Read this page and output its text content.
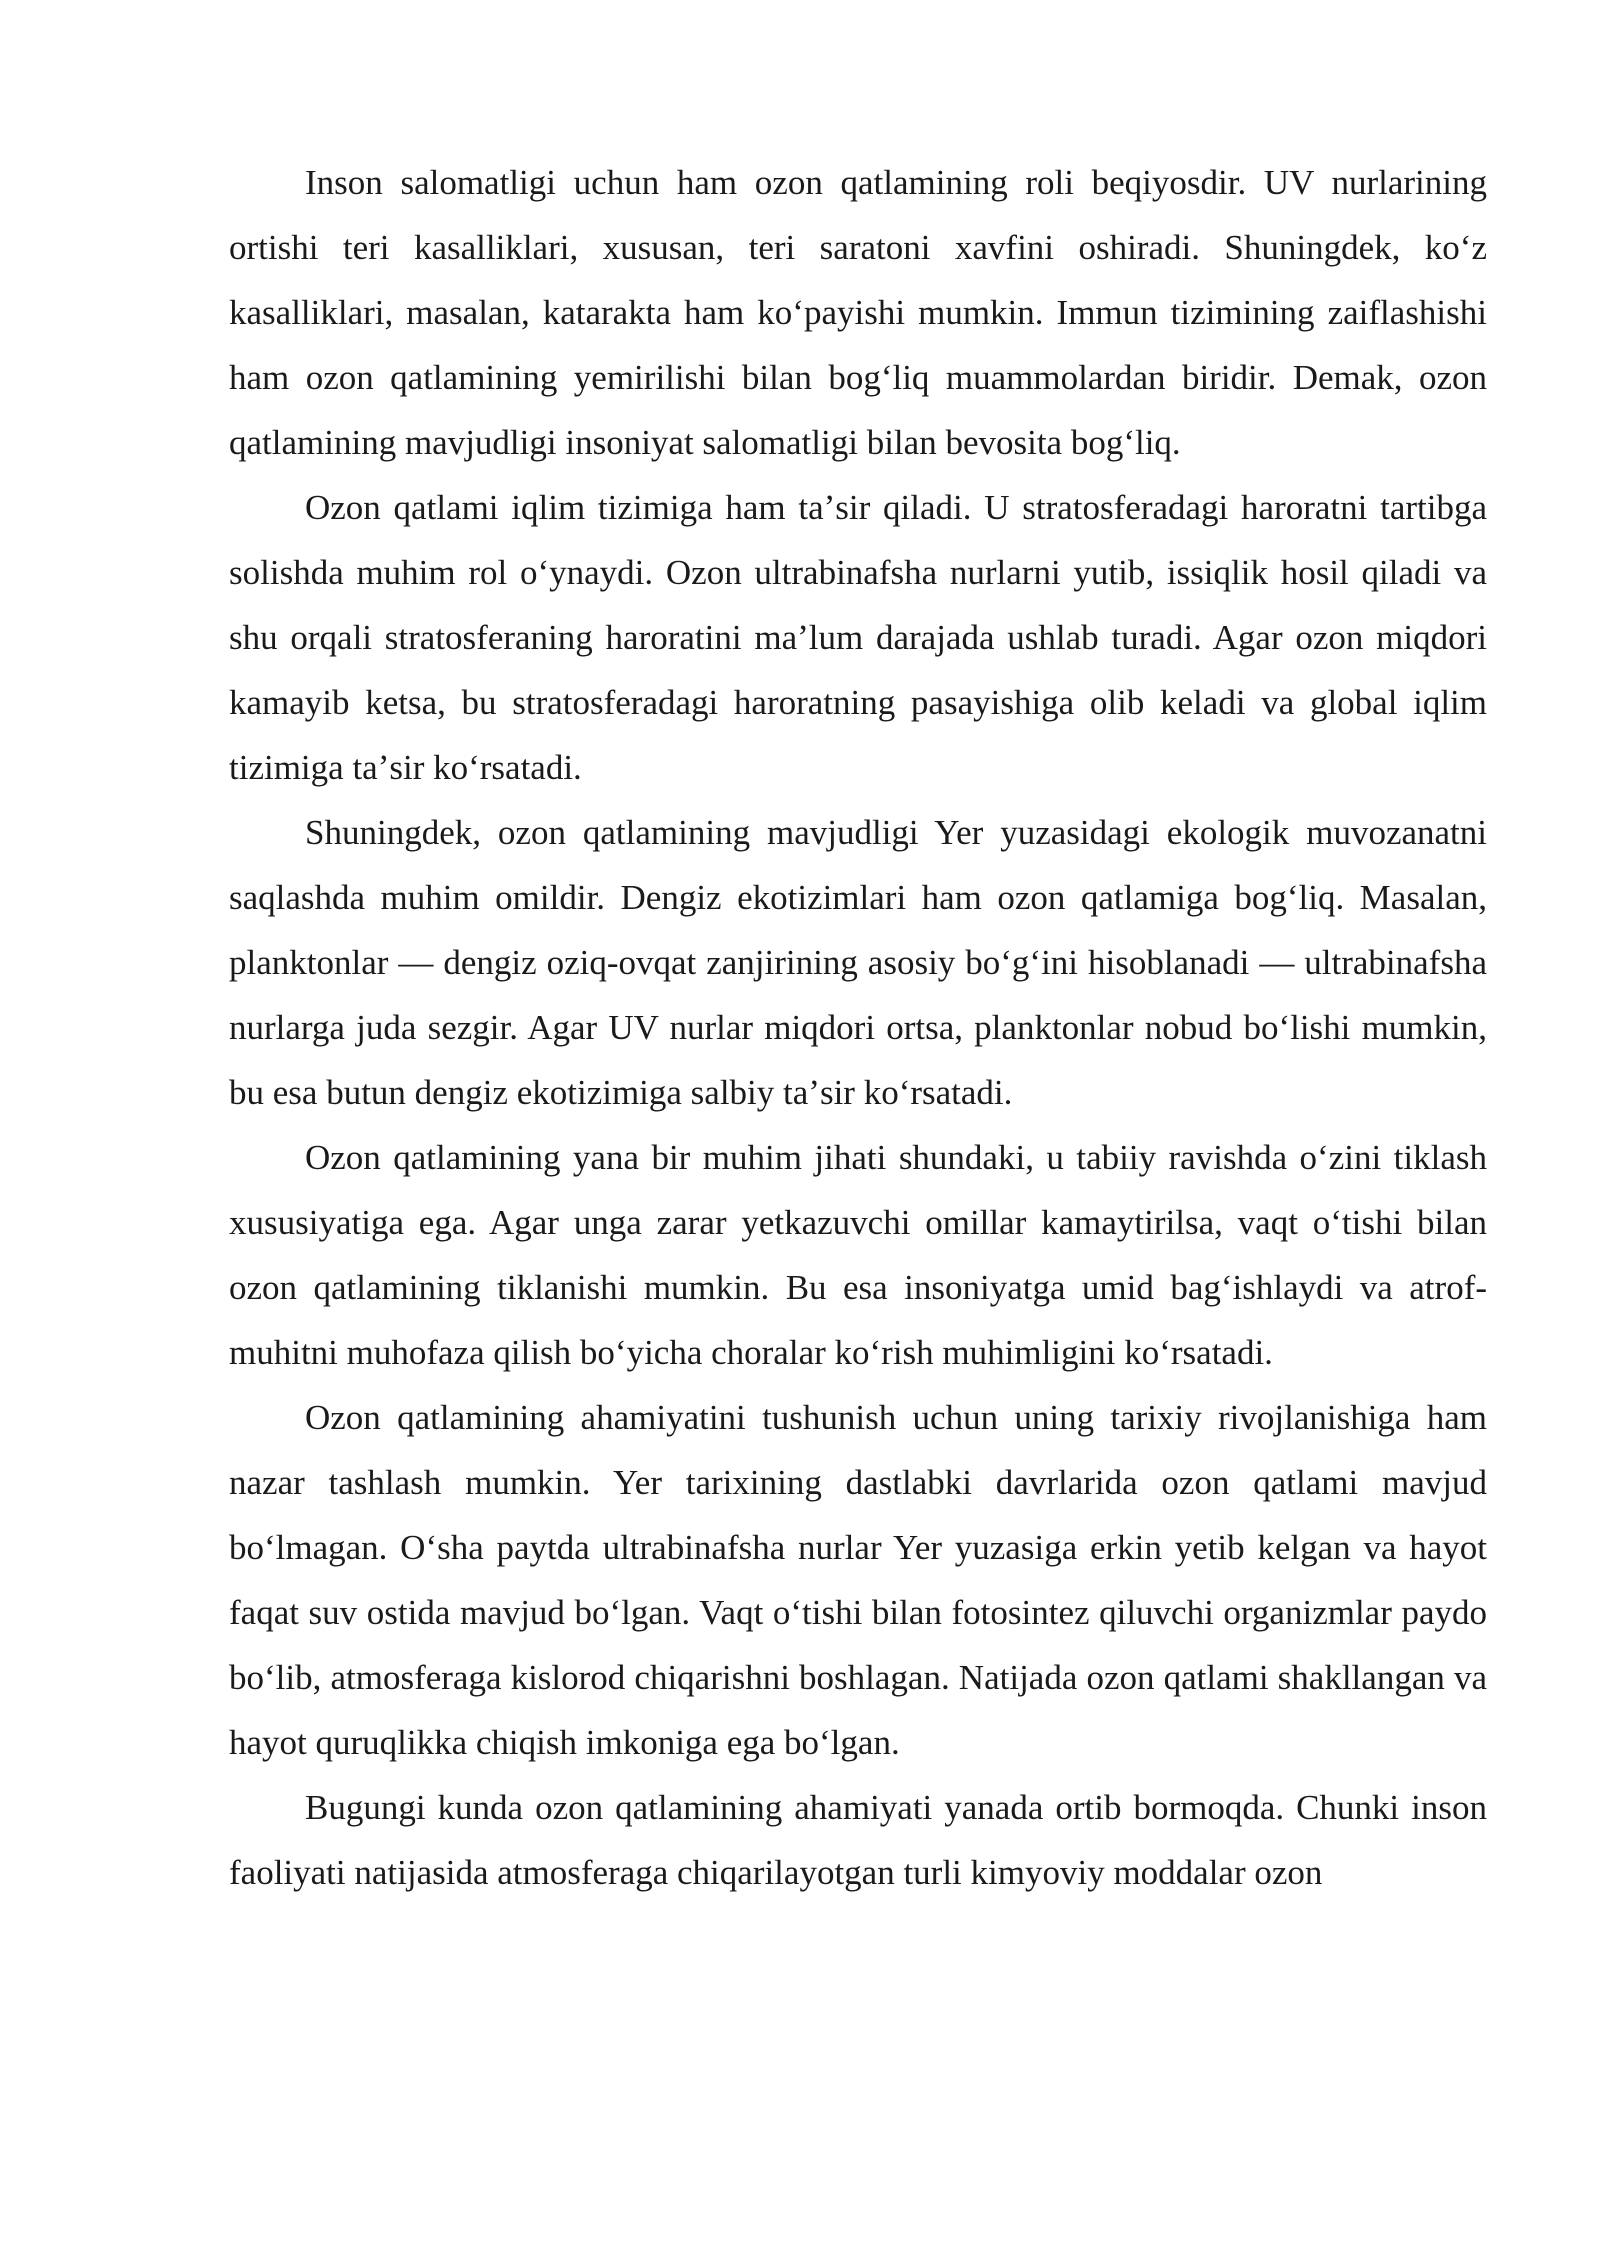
Inson salomatligi uchun ham ozon qatlamining roli beqiyosdir. UV nurlarining ortishi teri kasalliklari, xususan, teri saratoni xavfini oshiradi. Shuningdek, koʻz kasalliklari, masalan, katarakta ham koʻpayishi mumkin. Immun tizimining zaiflashishi ham ozon qatlamining yemirilishi bilan bogʻliq muammolardan biridir. Demak, ozon qatlamining mavjudligi insoniyat salomatligi bilan bevosita bogʻliq.

Ozon qatlami iqlim tizimiga ham taʼsir qiladi. U stratosferadagi haroratni tartibga solishda muhim rol oʻynaydi. Ozon ultrabinafsha nurlarni yutib, issiqlik hosil qiladi va shu orqali stratosferaning haroratini maʼlum darajada ushlab turadi. Agar ozon miqdori kamayib ketsa, bu stratosferadagi haroratning pasayishiga olib keladi va global iqlim tizimiga taʼsir koʻrsatadi.

Shuningdek, ozon qatlamining mavjudligi Yer yuzasidagi ekologik muvozanatni saqlashda muhim omildir. Dengiz ekotizimlari ham ozon qatlamiga bogʻliq. Masalan, planktonlar — dengiz oziq-ovqat zanjirining asosiy boʻgʻini hisoblanadi — ultrabinafsha nurlarga juda sezgir. Agar UV nurlar miqdori ortsa, planktonlar nobud boʻlishi mumkin, bu esa butun dengiz ekotizimiga salbiy taʼsir koʻrsatadi.

Ozon qatlamining yana bir muhim jihati shundaki, u tabiiy ravishda oʻzini tiklash xususiyatiga ega. Agar unga zarar yetkazuvchi omillar kamaytirilsa, vaqt oʻtishi bilan ozon qatlamining tiklanishi mumkin. Bu esa insoniyatga umid bagʻishlaydi va atrof-muhitni muhofaza qilish boʻyicha choralar koʻrish muhimligini koʻrsatadi.

Ozon qatlamining ahamiyatini tushunish uchun uning tarixiy rivojlanishiga ham nazar tashlash mumkin. Yer tarixining dastlabki davrlarida ozon qatlami mavjud boʻlmagan. Oʻsha paytda ultrabinafsha nurlar Yer yuzasiga erkin yetib kelgan va hayot faqat suv ostida mavjud boʻlgan. Vaqt oʻtishi bilan fotosintez qiluvchi organizmlar paydo boʻlib, atmosferaga kislorod chiqarishni boshlagan. Natijada ozon qatlami shakllangan va hayot quruqlikka chiqish imkoniga ega boʻlgan.

Bugungi kunda ozon qatlamining ahamiyati yanada ortib bormoqda. Chunki inson faoliyati natijasida atmosferaga chiqarilayotgan turli kimyoviy moddalar ozon
